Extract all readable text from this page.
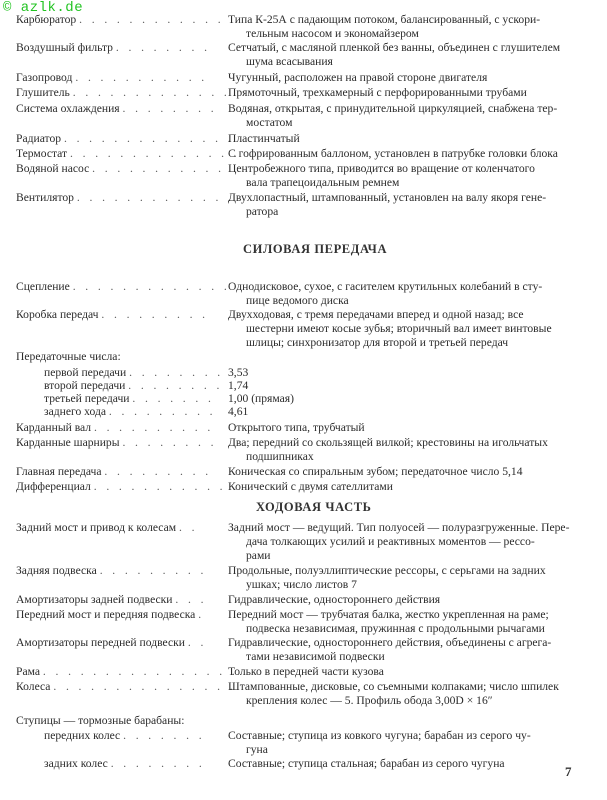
© azlk.de
Карбюратор . . . . . . . . . . . . Типа К-25А с падающим потоком, балансированный, с ускори-
тельным насосом и экономайзером
Воздушный фильтр . . . . . . . . Сетчатый, с масляной пленкой без ванны, объединен с глушителем
шума всасывания
Газопровод . . . . . . . . . . . Чугунный, расположен на правой стороне двигателя
Глушитель . . . . . . . . . . . . .
Прямоточный, трехкамерный с перфорированными трубами
Система охлаждения . . . . . . . . Водяная, открытая, с принудительной циркуляцией, снабжена тер-
мостатом
Радиатор . . . . . . . . . . . . . .
Пластинчатый
Термостат . . . . . . . . . . . . . .
С гофрированным баллоном, установлен в патрубке головки блока
Водяной насос . . . . . . . . . . . Центробежного типа, приводится во вращение от коленчатого
вала трапецоидальным ремнем
Вентилятор . . . . . . . . . . . . .
Двухлопастный, штампованный, установлен на валу якоря гене-
ратора
СИЛОВАЯ ПЕРЕДАЧА
Сцепление . . . . . . . . . . . . .
Однодисковое, сухое, с гасителем крутильных колебаний в сту-
пице ведомого диска
Коробка передач . . . . . . . . . Двухходовая, с тремя передачами вперед и одной назад; все
шестерни имеют косые зубья; вторичный вал имеет винтовые
шлицы; синхронизатор для второй и третьей передач
Передаточные числа:
первой передачи . . . . . . . . 3,53
второй передачи . . . . . . . . 1,74
третьей передачи . . . . . . . 1,00 (прямая)
заднего хода . . . . . . . . . 4,61
Карданный вал . . . . . . . . . . Открытого типа, трубчатый
Карданные шарниры . . . . . . . . Два; передний со скользящей вилкой; крестовины на игольчатых
подшипниках
Главная передача . . . . . . . . . Коническая со спиральным зубом; передаточное число 5,14
Дифференциал . . . . . . . . . . . Конический с двумя сателлитами
ХОДОВАЯ ЧАСТЬ
Задний мост и привод к колесам . .	Задний мост — ведущий. Тип полуосей — полуразгруженные. Пере-
дача толкающих усилий и реактивных моментов — рессо-
рами
Задняя подвеска . . . . . . . . . Продольные, полуэллиптические рессоры, с серьгами на задних
ушках; число листов 7
Амортизаторы задней подвески . . . Гидравлические, одностороннего действия
Передний мост и передняя подвеска . Передний мост — трубчатая балка, жестко укрепленная на раме;
подвеска независимая, пружинная с продольными рычагами
Амортизаторы передней подвески . . Гидравлические, одностороннего действия, объединены с агрега-
тами независимой подвески
Рама . . . . . . . . . . . . . . . .
Только в передней части кузова
Колеса . . . . . . . . . . . . . . .
Штампованные, дисковые, со съемными колпаками; число шпилек
крепления колес — 5. Профиль обода 3,00D × 16″
Ступицы — тормозные барабаны:
передних колес . . . . . . . Составные; ступица из ковкого чугуна; барабан из серого чу-
гуна
задних колес . . . . . . . . Составные; ступица стальная; барабан из серого чугуна
7
